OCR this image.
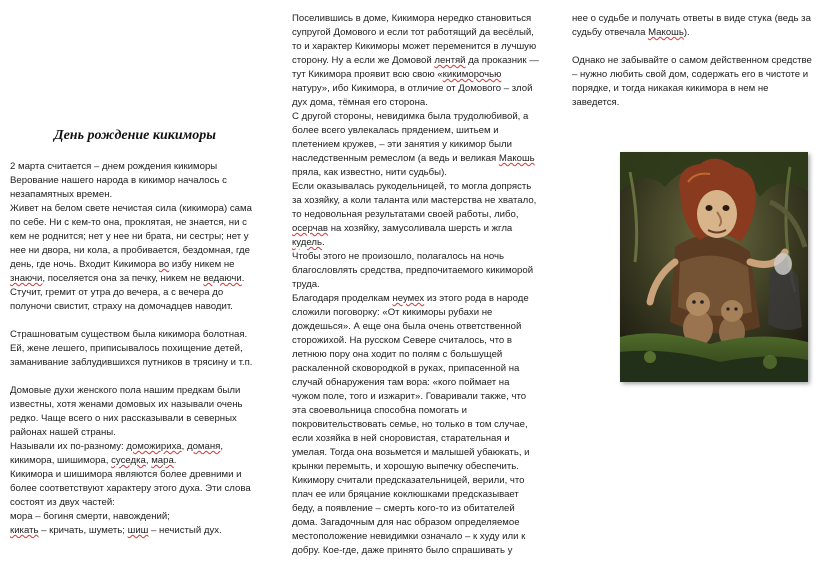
День рождение кикиморы

2 марта считается – днем рождения кикиморы

Верование нашего народа в кикимор началось с незапамятных времен.

Живет на белом свете нечистая сила (кикимора) сама по себе. Ни с кем-то она, проклятая, не знается, ни с кем не роднится; нет у нее ни брата, ни сестры; нет у нее ни двора, ни кола, а пробивается, бездомная, где день, где ночь. Входит Кикимора во избу никем не знаючи, поселяется она за печку, никем не ведаючи. Стучит, гремит от утра до вечера, а с вечера до полуночи свистит, страху на домочадцев наводит.

Страшноватым существом была кикимора болотная. Ей, жене лешего, приписывалось похищение детей, заманивание заблудившихся путников в трясину и т.п.

Домовые духи женского пола нашим предкам были известны, хотя женами домовых их называли очень редко. Чаще всего о них рассказывали в северных районах нашей страны.

Называли их по-разному: доможириха, доманя, кикимора, шишимора, суседка, мара.

Кикимора и шишимора являются более древними и более соответствуют характеру этого духа. Эти слова состоят из двух частей:

мора – богиня смерти, навождений;

кикать – кричать, шуметь; шиш – нечистый дух.

Поселившись в доме, Кикимора нередко становиться супругой Домового и если тот работящий да весёлый, то и характер Кикиморы может переменится в лучшую сторону. Ну а если же Домовой лентяй да проказник — тут Кикимора проявит всю свою «кикиморочью натуру», ибо Кикимора, в отличие от Домового – злой дух дома, тёмная его сторона.

С другой стороны, невидимка была трудолюбивой, а более всего увлекалась прядением, шитьем и плетением кружев, – эти занятия у кикимор были наследственным ремеслом (а ведь и великая Макошь пряла, как известно, нити судьбы).

Если оказывалась рукодельницей, то могла допрясть за хозяйку, а коли таланта или мастерства не хватало, то недовольная результатами своей работы, либо, осерчав на хозяйку, замусоливала шерсть и жгла кудель.

Чтобы этого не произошло, полагалось на ночь благословлять средства, предпочитаемого кикиморой труда.

Благодаря проделкам неумех из этого рода в народе сложили поговорку: «От кикиморы рубахи не дождешься». А еще она была очень ответственной сторожихой. На русском Севере считалось, что в летнюю пору она ходит по полям с большущей раскаленной сковородкой в руках, припасенной на случай обнаружения там вора: «кого поймает на чужом поле, того и изжарит». Говаривали также, что эта своевольница способна помогать и покровительствовать семье, но только в том случае, если хозяйка в ней сноровистая, старательная и умелая. Тогда она возьмется и малышей убаюкать, и крынки перемыть, и хорошую выпечку обеспечить. Кикимору считали предсказательницей, верили, что плач ее или бряцание коклюшками предсказывает беду, а появление – смерть кого-то из обитателей дома. Загадочным для нас образом определяемое местоположение невидимки означало – к худу или к добру. Кое-где, даже принято было спрашивать у

нее о судьбе и получать ответы в виде стука (ведь за судьбу отвечала Макошь).

Однако не забывайте о самом действенном средстве – нужно любить свой дом, содержать его в чистоте и порядке, и тогда никакая кикимора в нем не заведется.
